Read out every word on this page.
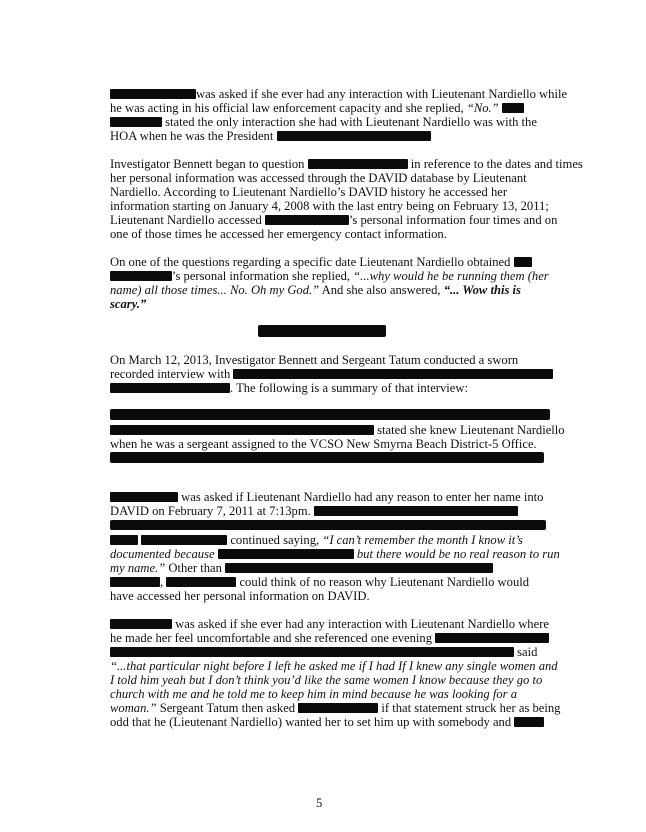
was asked if she ever had any interaction with Lieutenant Nardiello while
he was acting in his official law enforcement capacity and she replied, “No.”
stated the only interaction she had with Lieutenant Nardiello was with the
HOA when he was the President
Investigator Bennett began to question	in reference to the dates and times
her personal information was accessed through the DAVID database by Lieutenant
Nardiello. According to Lieutenant Nardiello’s DAVID history he accessed her
information starting on January 4, 2008 with the last entry being on February 13, 2011;
Lieutenant Nardiello accessed	’s personal information four times and on
one of those times he accessed her emergency contact information.
On one of the questions regarding a specific date Lieutenant Nardiello obtained
’s personal information she replied, “...why would he be running them (her
name) all those times... No. Oh my God.” And she also answered, “... Wow this is
scary.”
On March 12, 2013, Investigator Bennett and Sergeant Tatum conducted a sworn
recorded interview with
. The following is a summary of that interview:
stated she knew Lieutenant Nardiello
when he was a sergeant assigned to the VCSO New Smyrna Beach District-5 Office.
was asked if Lieutenant Nardiello had any reason to enter her name into
DAVID on February 7, 2011 at 7:13pm.
continued saying, “I can’t remember the month I know it’s
documented because	but there would be no real reason to run
my name.” Other than
,	could think of no reason why Lieutenant Nardiello would
have accessed her personal information on DAVID.
was asked if she ever had any interaction with Lieutenant Nardiello where
he made her feel uncomfortable and she referenced one evening
said
“...that particular night before I left he asked me if I had If I knew any single women and
I told him yeah but I don’t think you’d like the same women I know because they go to
church with me and he told me to keep him in mind because he was looking for a
woman.” Sergeant Tatum then asked	if that statement struck her as being
odd that he (Lieutenant Nardiello) wanted her to set him up with somebody and
5
